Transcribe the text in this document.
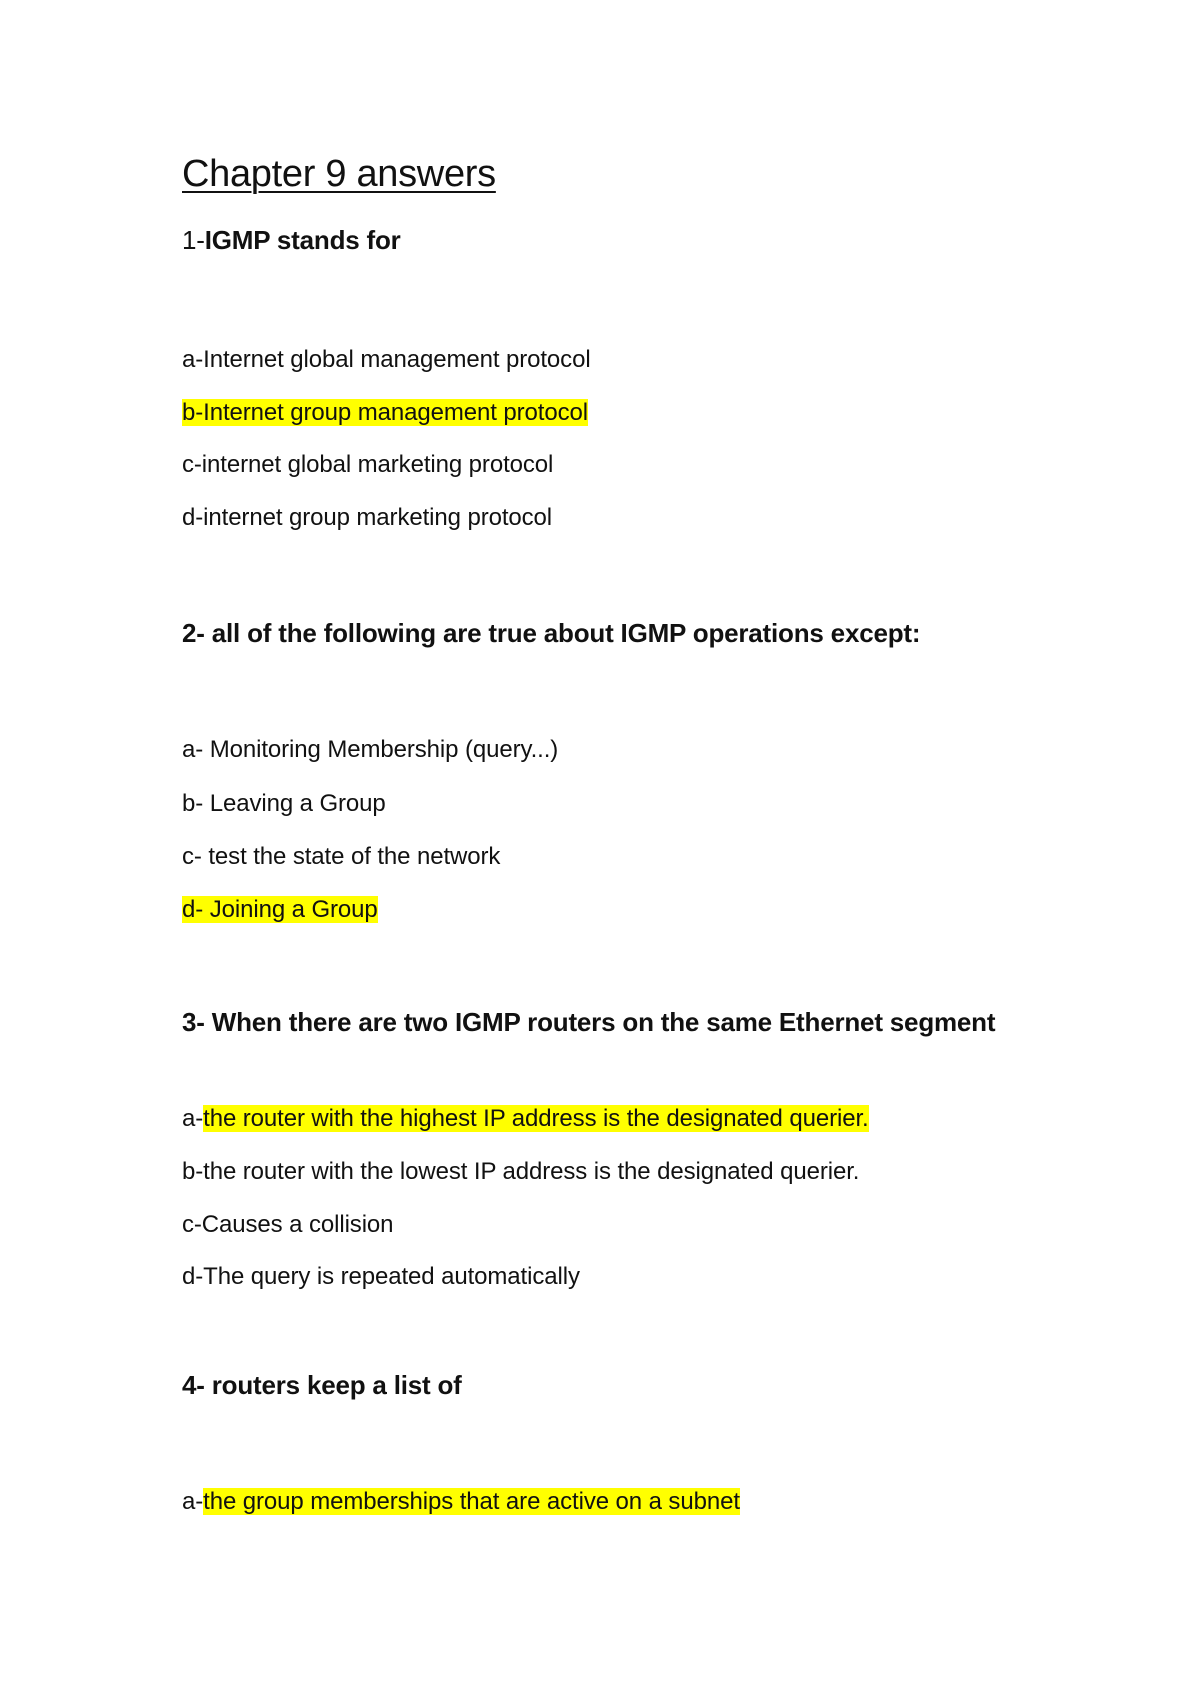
Chapter 9 answers

1-IGMP stands for

a-Internet global management protocol

b-Internet group management protocol

c-internet global marketing protocol

d-internet group marketing protocol

2- all of the following are true about IGMP operations except:

a- Monitoring Membership (query...)

b- Leaving a Group

c- test the state of the network

d- Joining a Group

3- When there are two IGMP routers on the same Ethernet segment

a-the router with the highest IP address is the designated querier.

b-the router with the lowest IP address is the designated querier.

c-Causes a collision

d-The query is repeated automatically

4- routers keep a list of

a-the group memberships that are active on a subnet
